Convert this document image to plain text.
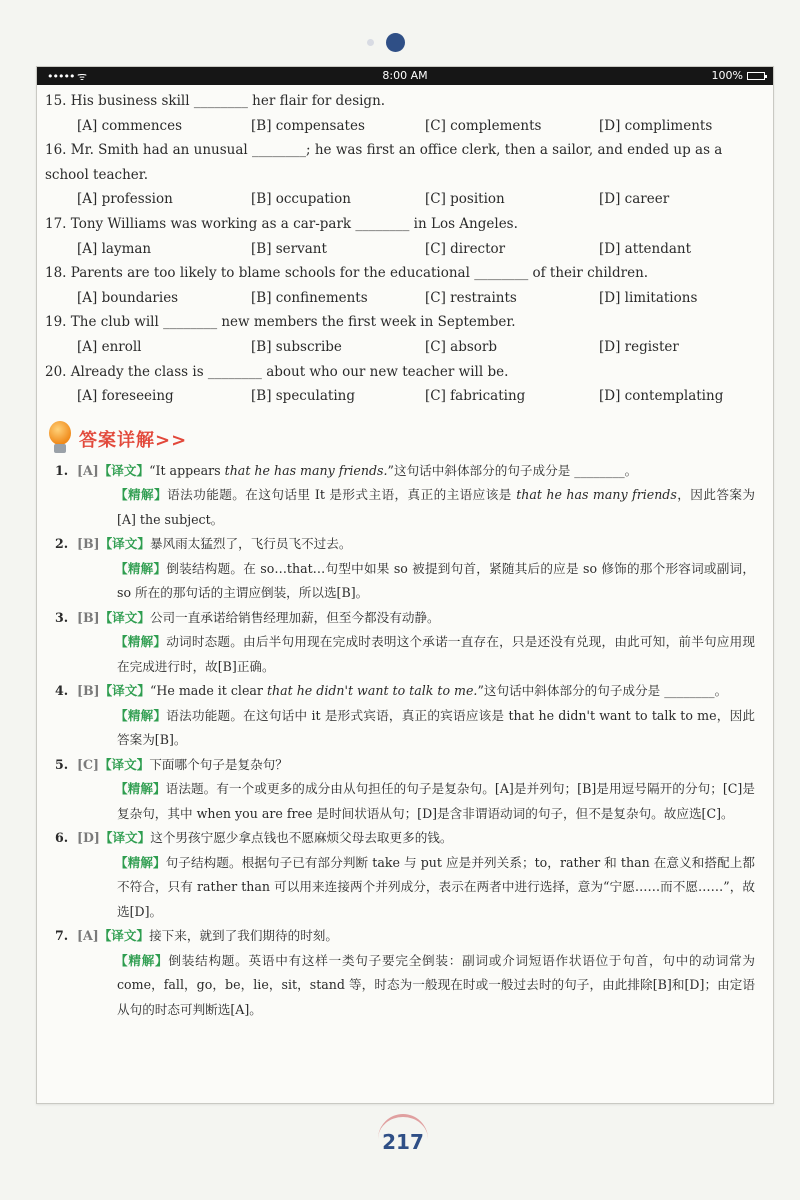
••••• ᯤ	8:00 AM	100%
15. His business skill ________ her flair for design.
[A] commences	[B] compensates	[C] complements	[D] compliments
16. Mr. Smith had an unusual ________; he was first an office clerk, then a sailor, and ended up as a school teacher.
[A] profession	[B] occupation	[C] position	[D] career
17. Tony Williams was working as a car-park ________ in Los Angeles.
[A] layman	[B] servant	[C] director	[D] attendant
18. Parents are too likely to blame schools for the educational ________ of their children.
[A] boundaries	[B] confinements	[C] restraints	[D] limitations
19. The club will ________ new members the first week in September.
[A] enroll	[B] subscribe	[C] absorb	[D] register
20. Already the class is ________ about who our new teacher will be.
[A] foreseeing	[B] speculating	[C] fabricating	[D] contemplating
答案详解>>
1. [A]【译文】“It appears that he has many friends.”这句话中斜体部分的句子成分是 ________。
【精解】语法功能题。在这句话里 It 是形式主语，真正的主语应该是 that he has many friends，因此答案为[A] the subject。
2. [B]【译文】暴风雨太猛烈了，飞行员飞不过去。
【精解】倒装结构题。在 so…that…句型中如果 so 被提到句首，紧随其后的应是 so 修饰的那个形容词或副词，so 所在的那句话的主谓应倒装，所以选[B]。
3. [B]【译文】公司一直承诺给销售经理加薪，但至今都没有动静。
【精解】动词时态题。由后半句用现在完成时表明这个承诺一直存在，只是还没有兑现，由此可知，前半句应用现在完成进行时，故[B]正确。
4. [B]【译文】“He made it clear that he didn't want to talk to me.”这句话中斜体部分的句子成分是 ________。
【精解】语法功能题。在这句话中 it 是形式宾语，真正的宾语应该是 that he didn't want to talk to me，因此答案为[B]。
5. [C]【译文】下面哪个句子是复杂句？
【精解】语法题。有一个或更多的成分由从句担任的句子是复杂句。[A]是并列句；[B]是用逗号隔开的分句；[C]是复杂句，其中 when you are free 是时间状语从句；[D]是含非谓语动词的句子，但不是复杂句。故应选[C]。
6. [D]【译文】这个男孩宁愿少拿点钱也不愿麻烦父母去取更多的钱。
【精解】句子结构题。根据句子已有部分判断 take 与 put 应是并列关系；to，rather 和 than 在意义和搭配上都不符合，只有 rather than 可以用来连接两个并列成分，表示在两者中进行选择，意为“宁愿……而不愿……”，故选[D]。
7. [A]【译文】接下来，就到了我们期待的时刻。
【精解】倒装结构题。英语中有这样一类句子要完全倒装：副词或介词短语作状语位于句首，句中的动词常为 come，fall，go，be，lie，sit，stand 等，时态为一般现在时或一般过去时的句子，由此排除[B]和[D]；由定语从句的时态可判断选[A]。
217
